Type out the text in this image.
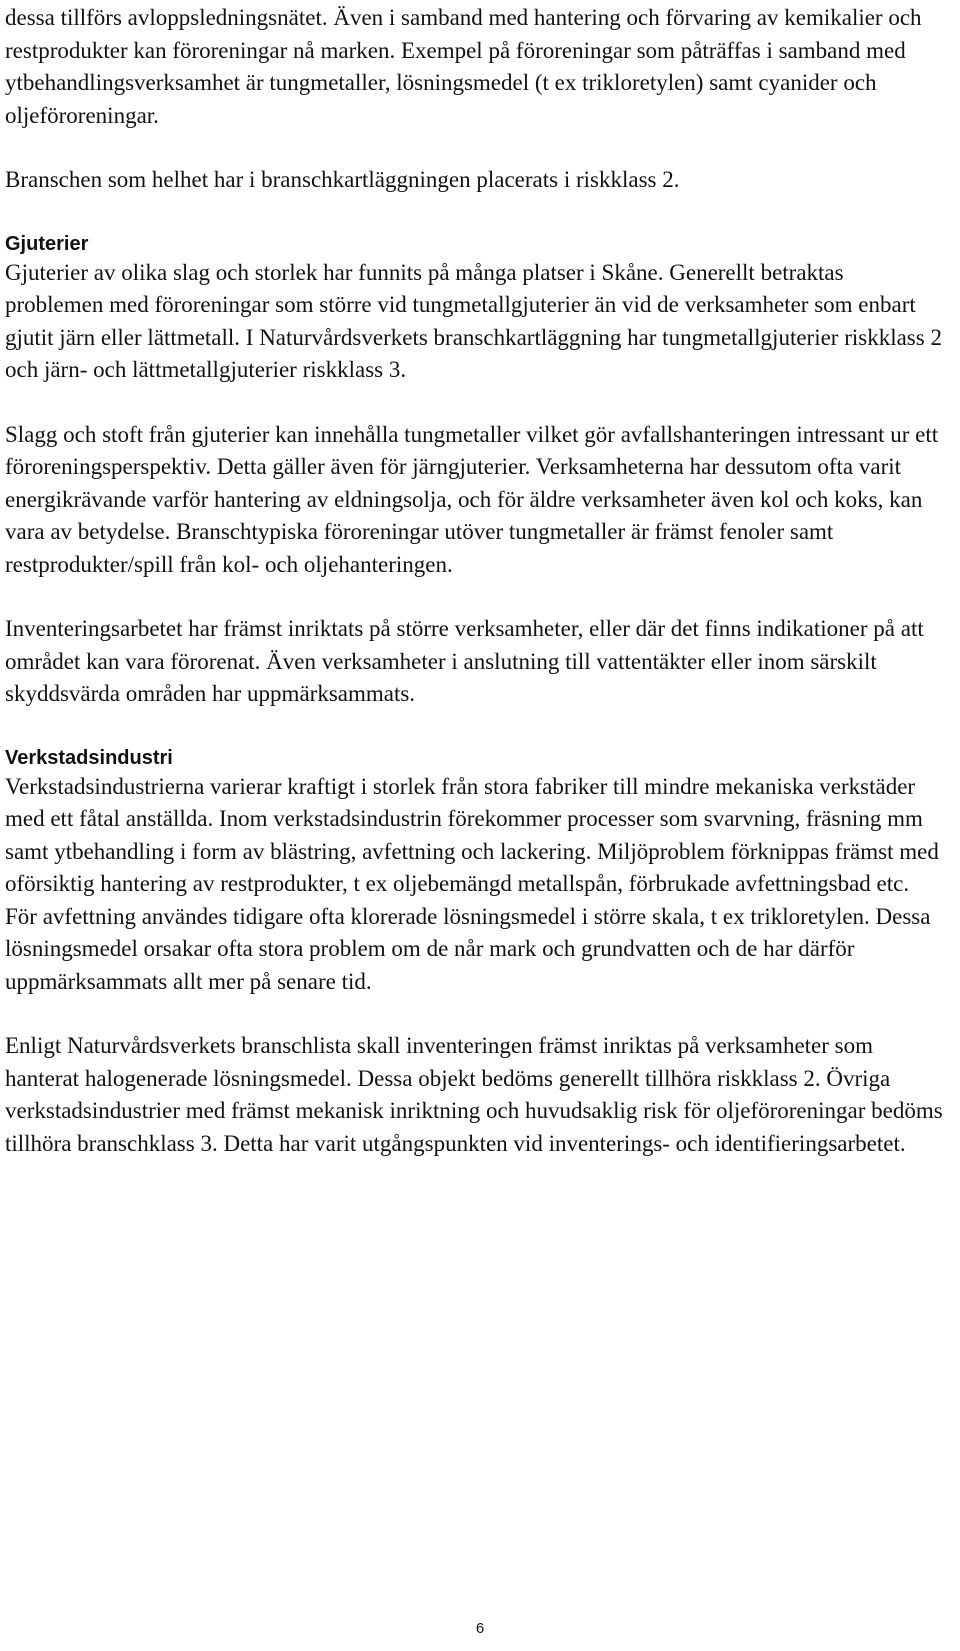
dessa tillförs avloppsledningsnätet. Även i samband med hantering och förvaring av kemikalier och restprodukter kan föroreningar nå marken. Exempel på föroreningar som påträffas i samband med ytbehandlingsverksamhet är tungmetaller, lösningsmedel (t ex trikloretylen) samt cyanider och oljeföroreningar.

Branschen som helhet har i branschkartläggningen placerats i riskklass 2.

Gjuterier

Gjuterier av olika slag och storlek har funnits på många platser i Skåne. Generellt betraktas problemen med föroreningar som större vid tungmetallgjuterier än vid de verksamheter som enbart gjutit järn eller lättmetall. I Naturvårdsverkets branschkartläggning har tungmetallgjuterier riskklass 2 och järn- och lättmetallgjuterier riskklass 3.

Slagg och stoft från gjuterier kan innehålla tungmetaller vilket gör avfallshanteringen intressant ur ett föroreningsperspektiv. Detta gäller även för järngjuterier. Verksamheterna har dessutom ofta varit energikrävande varför hantering av eldningsolja, och för äldre verksamheter även kol och koks, kan vara av betydelse. Branschtypiska föroreningar utöver tungmetaller är främst fenoler samt restprodukter/spill från kol- och oljehanteringen.

Inventeringsarbetet har främst inriktats på större verksamheter, eller där det finns indikationer på att området kan vara förorenat. Även verksamheter i anslutning till vattentäkter eller inom särskilt skyddsvärda områden har uppmärksammats.

Verkstadsindustri

Verkstadsindustrierna varierar kraftigt i storlek från stora fabriker till mindre mekaniska verkstäder med ett fåtal anställda. Inom verkstadsindustrin förekommer processer som svarvning, fräsning mm samt ytbehandling i form av blästring, avfettning och lackering. Miljöproblem förknippas främst med oförsiktig hantering av restprodukter, t ex oljebemängd metallspån, förbrukade avfettningsbad etc. För avfettning användes tidigare ofta klorerade lösningsmedel i större skala, t ex trikloretylen. Dessa lösningsmedel orsakar ofta stora problem om de når mark och grundvatten och de har därför uppmärksammats allt mer på senare tid.

Enligt Naturvårdsverkets branschlista skall inventeringen främst inriktas på verksamheter som hanterat halogenerade lösningsmedel. Dessa objekt bedöms generellt tillhöra riskklass 2. Övriga verkstadsindustrier med främst mekanisk inriktning och huvudsaklig risk för oljeföroreningar bedöms tillhöra branschklass 3. Detta har varit utgångspunkten vid inventerings- och identifieringsarbetet.

6
